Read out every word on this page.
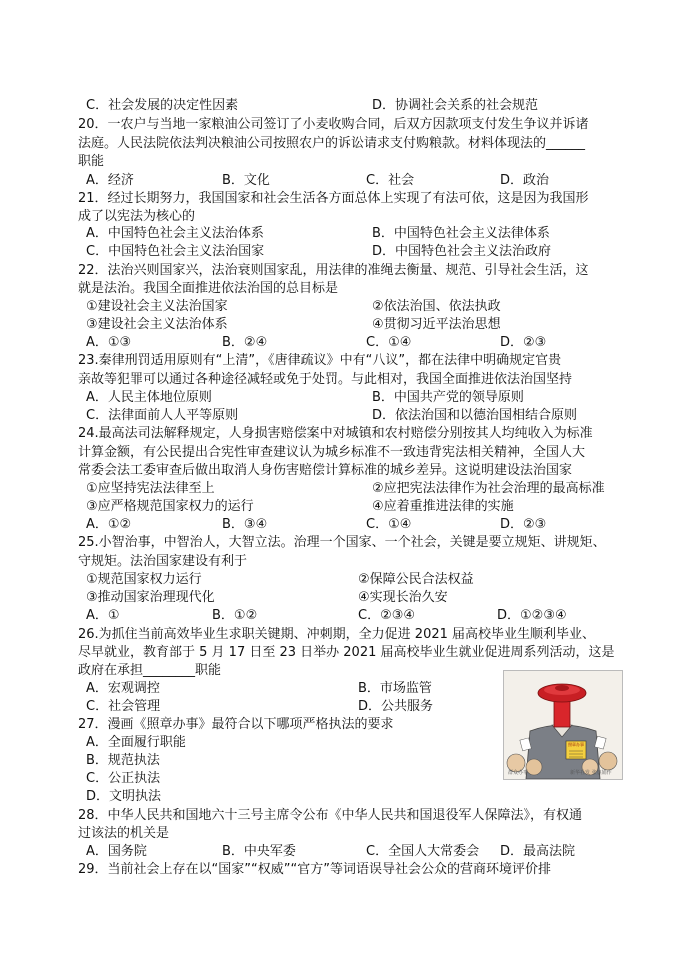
C．社会发展的决定性因素	D．协调社会关系的社会规范
20．一农户与当地一家粮油公司签订了小麦收购合同，后双方因款项支付发生争议并诉诸
法庭。人民法院依法判决粮油公司按照农户的诉讼请求支付购粮款。材料体现法的______
职能
A．经济	B．文化	C．社会	D．政治
21．经过长期努力，我国国家和社会生活各方面总体上实现了有法可依，这是因为我国形
成了以宪法为核心的
A．中国特色社会主义法治体系	B．中国特色社会主义法律体系
C．中国特色社会主义法治国家	D．中国特色社会主义法治政府
22．法治兴则国家兴，法治衰则国家乱，用法律的准绳去衡量、规范、引导社会生活，这
就是法治。我国全面推进依法治国的总目标是
①建设社会主义法治国家	②依法治国、依法执政
③建设社会主义法治体系	④贯彻习近平法治思想
A．①③	B．②④	C．①④	D．②③
23.秦律刑罚适用原则有“上清”，《唐律疏议》中有“八议”，都在法律中明确规定官贵
亲故等犯罪可以通过各种途径减轻或免于处罚。与此相对，我国全面推进依法治国坚持
A．人民主体地位原则	B．中国共产党的领导原则
C．法律面前人人平等原则	D．依法治国和以德治国相结合原则
24.最高法司法解释规定，人身损害赔偿案中对城镇和农村赔偿分别按其人均纯收入为标准
计算金额，有公民提出合宪性审查建议认为城乡标准不一致违背宪法相关精神，全国人大
常委会法工委审查后做出取消人身伤害赔偿计算标准的城乡差异。这说明建设法治国家
①应坚持宪法法律至上	②应把宪法法律作为社会治理的最高标准
③应严格规范国家权力的运行	④应着重推进法律的实施
A．①②	B．③④	C．①④	D．②③
25.小智治事，中智治人，大智立法。治理一个国家、一个社会，关键是要立规矩、讲规矩、
守规矩。法治国家建设有利于
①规范国家权力运行	②保障公民合法权益
③推动国家治理现代化	④实现长治久安
A．①	B．①②	C．②③④	D．①②③④
26.为抓住当前高效毕业生求职关键期、冲刺期，全力促进 2021 届高校毕业生顺利毕业、
尽早就业，教育部于 5 月 17 日至 23 日举办 2021 届高校毕业生就业促进周系列活动，这是
政府在承担________职能
A．宏观调控	B．市场监管
C．社会管理	D．公共服务
27．漫画《照章办事》最符合以下哪项严格执法的要求
A．全面履行职能
B．规范执法
C．公正执法
D．文明执法
28．中华人民共和国地六十三号主席令公布《中华人民共和国退役军人保障法》，有权通
过该法的机关是
A．国务院	B．中央军委	C．全国人大常委会 D．最高法院
29．当前社会上存在以“国家”“权威”“官方”等词语误导社会公众的营商环境评价排
照章办事
群众办事	新华社发 张惠娟作
